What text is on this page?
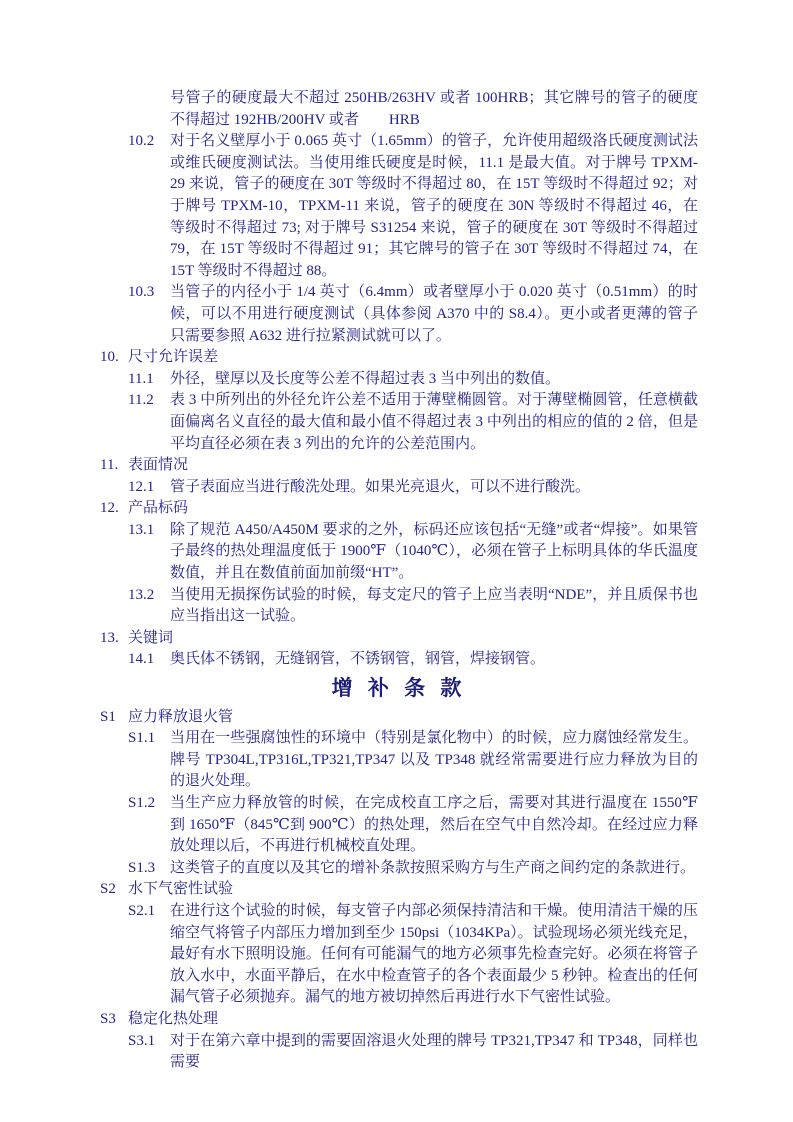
号管子的硬度最大不超过 250HB/263HV 或者 100HRB；其它牌号的管子的硬度不得超过 192HB/200HV 或者　　HRB
10.2	对于名义壁厚小于 0.065 英寸（1.65mm）的管子，允许使用超级洛氏硬度测试法或维氏硬度测试法。当使用维氏硬度是时候，11.1 是最大值。对于牌号 TPXM-29 来说，管子的硬度在 30T 等级时不得超过 80，在 15T 等级时不得超过 92；对于牌号 TPXM-10，TPXM-11 来说，管子的硬度在 30N 等级时不得超过 46，在　　等级时不得超过 73; 对于牌号 S31254 来说，管子的硬度在 30T 等级时不得超过 79，在 15T 等级时不得超过 91；其它牌号的管子在 30T 等级时不得超过 74，在 15T 等级时不得超过 88。
10.3	当管子的内径小于 1/4 英寸（6.4mm）或者壁厚小于 0.020 英寸（0.51mm）的时候，可以不用进行硬度测试（具体参阅 A370 中的 S8.4）。更小或者更薄的管子只需要参照 A632 进行拉紧测试就可以了。
10. 尺寸允许误差
11.1	外径，壁厚以及长度等公差不得超过表 3 当中列出的数值。
11.2	表 3 中所列出的外径允许公差不适用于薄壁椭圆管。对于薄壁椭圆管，任意横截面偏离名义直径的最大值和最小值不得超过表 3 中列出的相应的值的 2 倍，但是平均直径必须在表 3 列出的允许的公差范围内。
11. 表面情况
12.1	管子表面应当进行酸洗处理。如果光亮退火，可以不进行酸洗。
12. 产品标码
13.1	除了规范 A450/A450M 要求的之外，标码还应该包括“无缝”或者“焊接”。如果管子最终的热处理温度低于 1900℉（1040℃），必须在管子上标明具体的华氏温度数值，并且在数值前面加前缀“HT”。
13.2	当使用无损探伤试验的时候，每支定尺的管子上应当表明“NDE”，并且质保书也应当指出这一试验。
13. 关键词
14.1	奥氏体不锈钢，无缝钢管，不锈钢管，钢管，焊接钢管。
增 补 条 款
S1 应力释放退火管
S1.1 当用在一些强腐蚀性的环境中（特别是氯化物中）的时候，应力腐蚀经常发生。牌号 TP304L,TP316L,TP321,TP347 以及 TP348 就经常需要进行应力释放为目的的退火处理。
S1.2 当生产应力释放管的时候，在完成校直工序之后，需要对其进行温度在 1550℉ 到 1650℉（845℃到 900℃）的热处理，然后在空气中自然冷却。在经过应力释放处理以后，不再进行机械校直处理。
S1.3 这类管子的直度以及其它的增补条款按照采购方与生产商之间约定的条款进行。
S2 水下气密性试验
S2.1 在进行这个试验的时候，每支管子内部必须保持清洁和干燥。使用清洁干燥的压缩空气将管子内部压力增加到至少 150psi（1034KPa）。试验现场必须光线充足，最好有水下照明设施。任何有可能漏气的地方必须事先检查完好。必须在将管子放入水中，水面平静后，在水中检查管子的各个表面最少 5 秒钟。检查出的任何漏气管子必须抛弃。漏气的地方被切掉然后再进行水下气密性试验。
S3 稳定化热处理
S3.1 对于在第六章中提到的需要固溶退火处理的牌号 TP321,TP347 和 TP348，同样也需要
